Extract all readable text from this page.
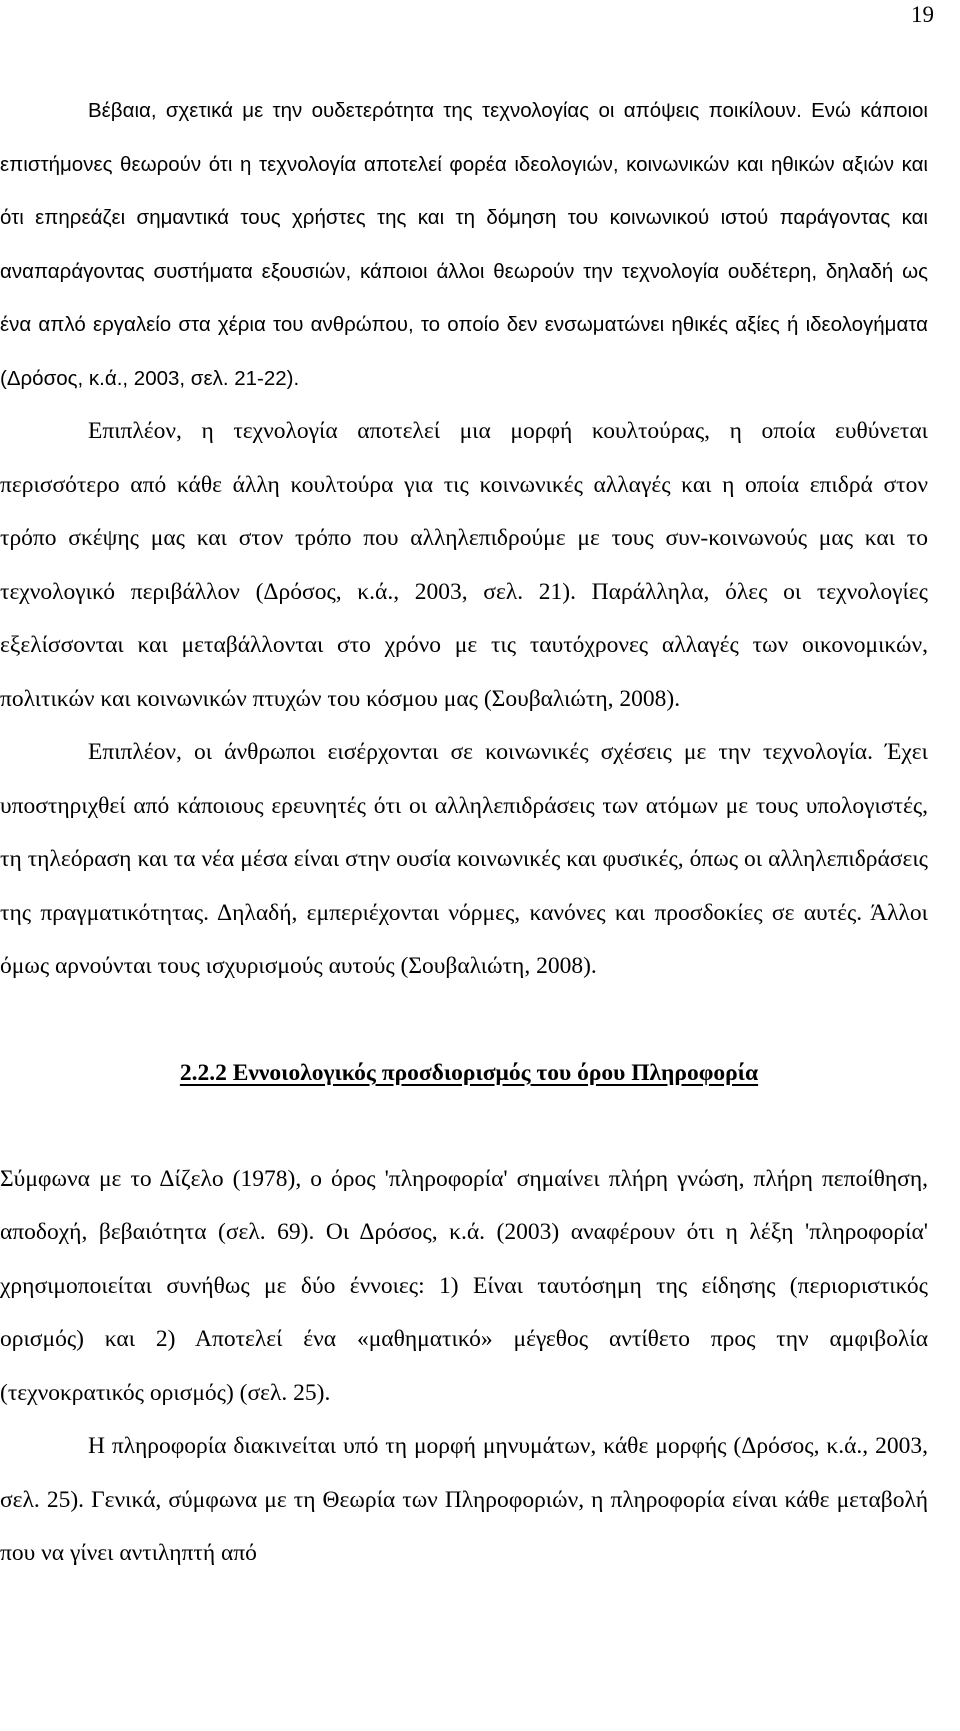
19

Βέβαια, σχετικά με την ουδετερότητα της τεχνολογίας οι απόψεις ποικίλουν. Ενώ κάποιοι επιστήμονες θεωρούν ότι η τεχνολογία αποτελεί φορέα ιδεολογιών, κοινωνικών και ηθικών αξιών και ότι επηρεάζει σημαντικά τους χρήστες της και τη δόμηση του κοινωνικού ιστού παράγοντας και αναπαράγοντας συστήματα εξουσιών, κάποιοι άλλοι θεωρούν την τεχνολογία ουδέτερη, δηλαδή ως ένα απλό εργαλείο στα χέρια του ανθρώπου, το οποίο δεν ενσωματώνει ηθικές αξίες ή ιδεολογήματα (Δρόσος, κ.ά., 2003, σελ. 21-22).

Επιπλέον, η τεχνολογία αποτελεί μια μορφή κουλτούρας, η οποία ευθύνεται περισσότερο από κάθε άλλη κουλτούρα για τις κοινωνικές αλλαγές και η οποία επιδρά στον τρόπο σκέψης μας και στον τρόπο που αλληλεπιδρούμε με τους συν-κοινωνούς μας και το τεχνολογικό περιβάλλον (Δρόσος, κ.ά., 2003, σελ. 21). Παράλληλα, όλες οι τεχνολογίες εξελίσσονται και μεταβάλλονται στο χρόνο με τις ταυτόχρονες αλλαγές των οικονομικών, πολιτικών και κοινωνικών πτυχών του κόσμου μας (Σουβαλιώτη, 2008).

Επιπλέον, οι άνθρωποι εισέρχονται σε κοινωνικές σχέσεις με την τεχνολογία. Έχει υποστηριχθεί από κάποιους ερευνητές ότι οι αλληλεπιδράσεις των ατόμων με τους υπολογιστές, τη τηλεόραση και τα νέα μέσα είναι στην ουσία κοινωνικές και φυσικές, όπως οι αλληλεπιδράσεις της πραγματικότητας. Δηλαδή, εμπεριέχονται νόρμες, κανόνες και προσδοκίες σε αυτές. Άλλοι όμως αρνούνται τους ισχυρισμούς αυτούς (Σουβαλιώτη, 2008).

2.2.2 Εννοιολογικός προσδιορισμός του όρου Πληροφορία

Σύμφωνα με το Δίζελο (1978), ο όρος 'πληροφορία' σημαίνει πλήρη γνώση, πλήρη πεποίθηση, αποδοχή, βεβαιότητα (σελ. 69). Οι Δρόσος, κ.ά. (2003) αναφέρουν ότι η λέξη 'πληροφορία' χρησιμοποιείται συνήθως με δύο έννοιες: 1) Είναι ταυτόσημη της είδησης (περιοριστικός ορισμός) και 2) Αποτελεί ένα «μαθηματικό» μέγεθος αντίθετο προς την αμφιβολία (τεχνοκρατικός ορισμός) (σελ. 25).

Η πληροφορία διακινείται υπό τη μορφή μηνυμάτων, κάθε μορφής (Δρόσος, κ.ά., 2003, σελ. 25). Γενικά, σύμφωνα με τη Θεωρία των Πληροφοριών, η πληροφορία είναι κάθε μεταβολή που να γίνει αντιληπτή από
